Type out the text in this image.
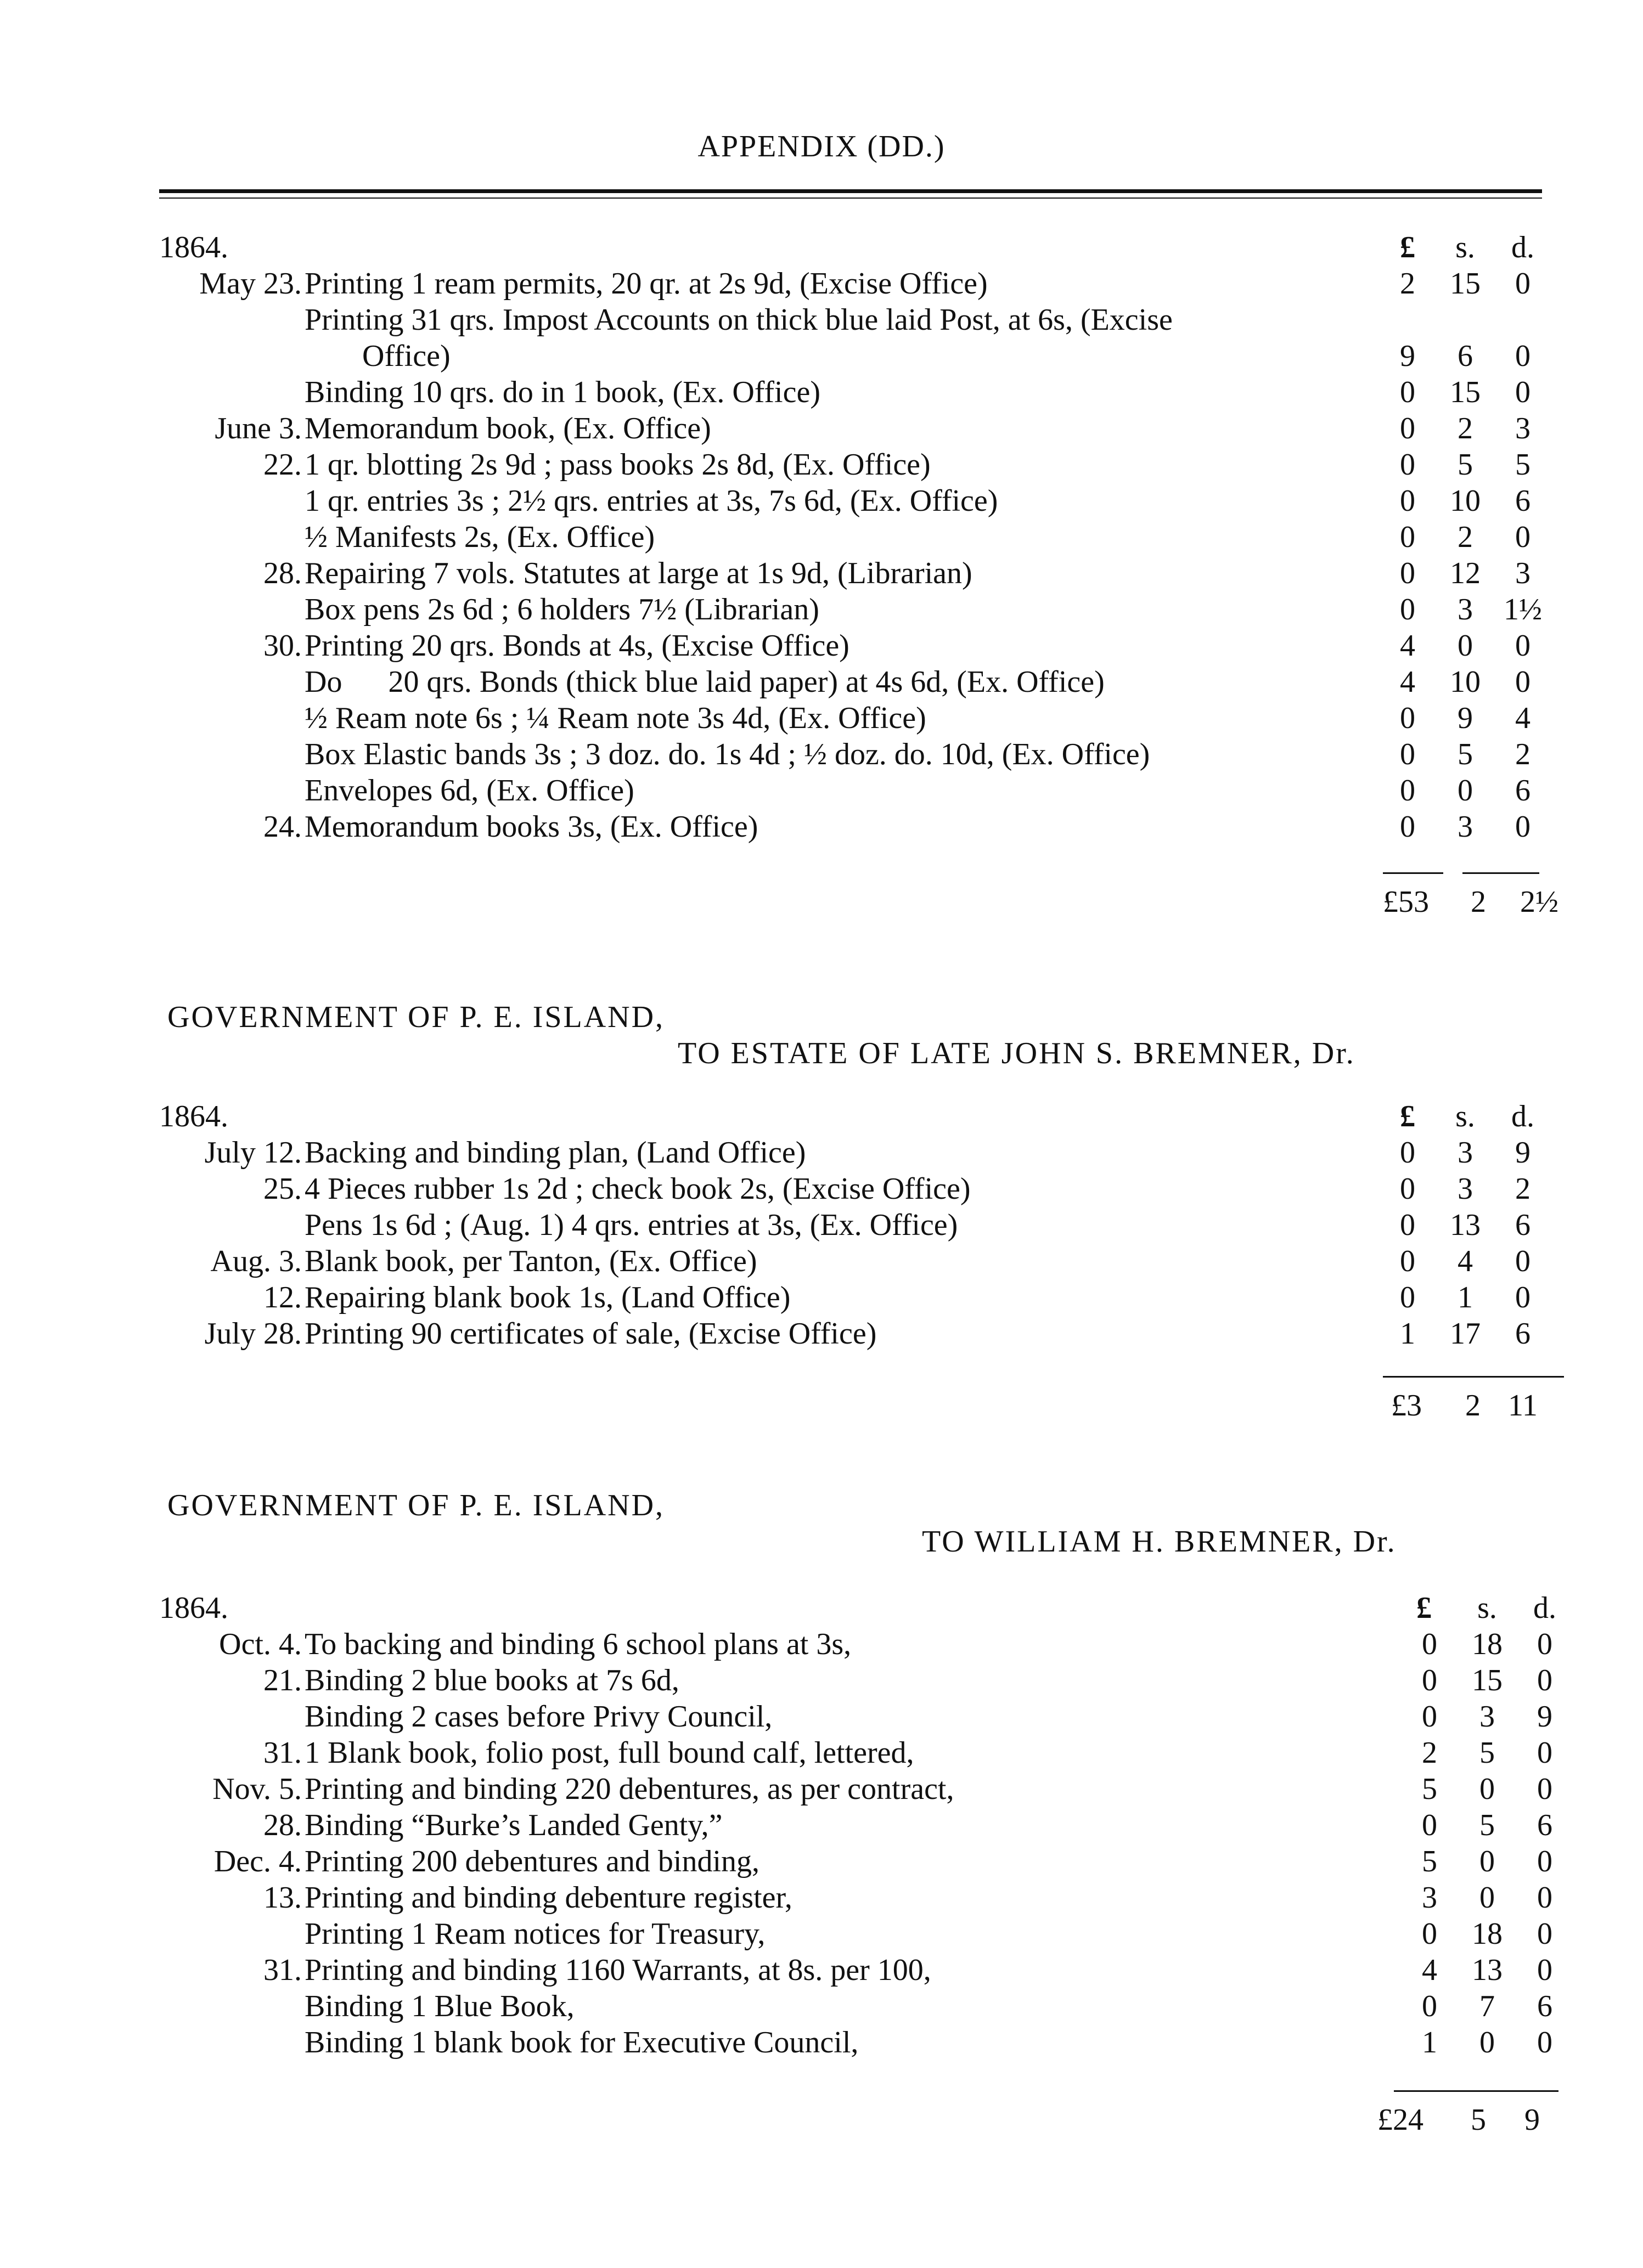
APPENDIX (DD.)
1864.	£	s.	d.
May 23. Printing 1 ream permits, 20 qr. at 2s 9d, (Excise Office)	2	15	0
Printing 31 qrs. Impost Accounts on thick blue laid Post, at 6s, (Excise
Office)	9	6	0
Binding 10 qrs. do in 1 book, (Ex. Office)	0	15	0
June 3. Memorandum book, (Ex. Office)	0	2	3
22. 1 qr. blotting 2s 9d ; pass books 2s 8d, (Ex. Office)	0	5	5
1 qr. entries 3s ; 2½ qrs. entries at 3s, 7s 6d, (Ex. Office)	0	10	6
½ Manifests 2s, (Ex. Office)	0	2	0
28. Repairing 7 vols. Statutes at large at 1s 9d, (Librarian)	0	12	3
Box pens 2s 6d ; 6 holders 7½ (Librarian)	0	3	1½
30. Printing 20 qrs. Bonds at 4s, (Excise Office)	4	0	0
Do      20 qrs. Bonds (thick blue laid paper) at 4s 6d, (Ex. Office)	4	10	0
½ Ream note 6s ; ¼ Ream note 3s 4d, (Ex. Office)	0	9	4
Box Elastic bands 3s ; 3 doz. do. 1s 4d ; ½ doz. do. 10d, (Ex. Office)	0	5	2
Envelopes 6d, (Ex. Office)	0	0	6
24. Memorandum books 3s, (Ex. Office)	0	3	0
£53 2 2½
GOVERNMENT OF P. E. ISLAND,
TO ESTATE OF LATE JOHN S. BREMNER, Dr.
1864.	£	s.	d.
July 12. Backing and binding plan, (Land Office)	0	3	9
25. 4 Pieces rubber 1s 2d ; check book 2s, (Excise Office)	0	3	2
Pens 1s 6d ; (Aug. 1) 4 qrs. entries at 3s, (Ex. Office)	0	13	6
Aug. 3. Blank book, per Tanton, (Ex. Office)	0	4	0
12. Repairing blank book 1s, (Land Office)	0	1	0
July 28. Printing 90 certificates of sale, (Excise Office)	1	17	6
£3 2 11
GOVERNMENT OF P. E. ISLAND,
TO WILLIAM H. BREMNER, Dr.
1864.	£	s.	d.
Oct. 4. To backing and binding 6 school plans at 3s,	0	18	0
21. Binding 2 blue books at 7s 6d,	0	15	0
Binding 2 cases before Privy Council,	0	3	9
31. 1 Blank book, folio post, full bound calf, lettered,	2	5	0
Nov. 5. Printing and binding 220 debentures, as per contract,	5	0	0
28. Binding “Burke’s Landed Genty,”	0	5	6
Dec. 4. Printing 200 debentures and binding,	5	0	0
13. Printing and binding debenture register,	3	0	0
Printing 1 Ream notices for Treasury,	0	18	0
31. Printing and binding 1160 Warrants, at 8s. per 100,	4	13	0
Binding 1 Blue Book,	0	7	6
Binding 1 blank book for Executive Council,	1	0	0
£24 5 9
